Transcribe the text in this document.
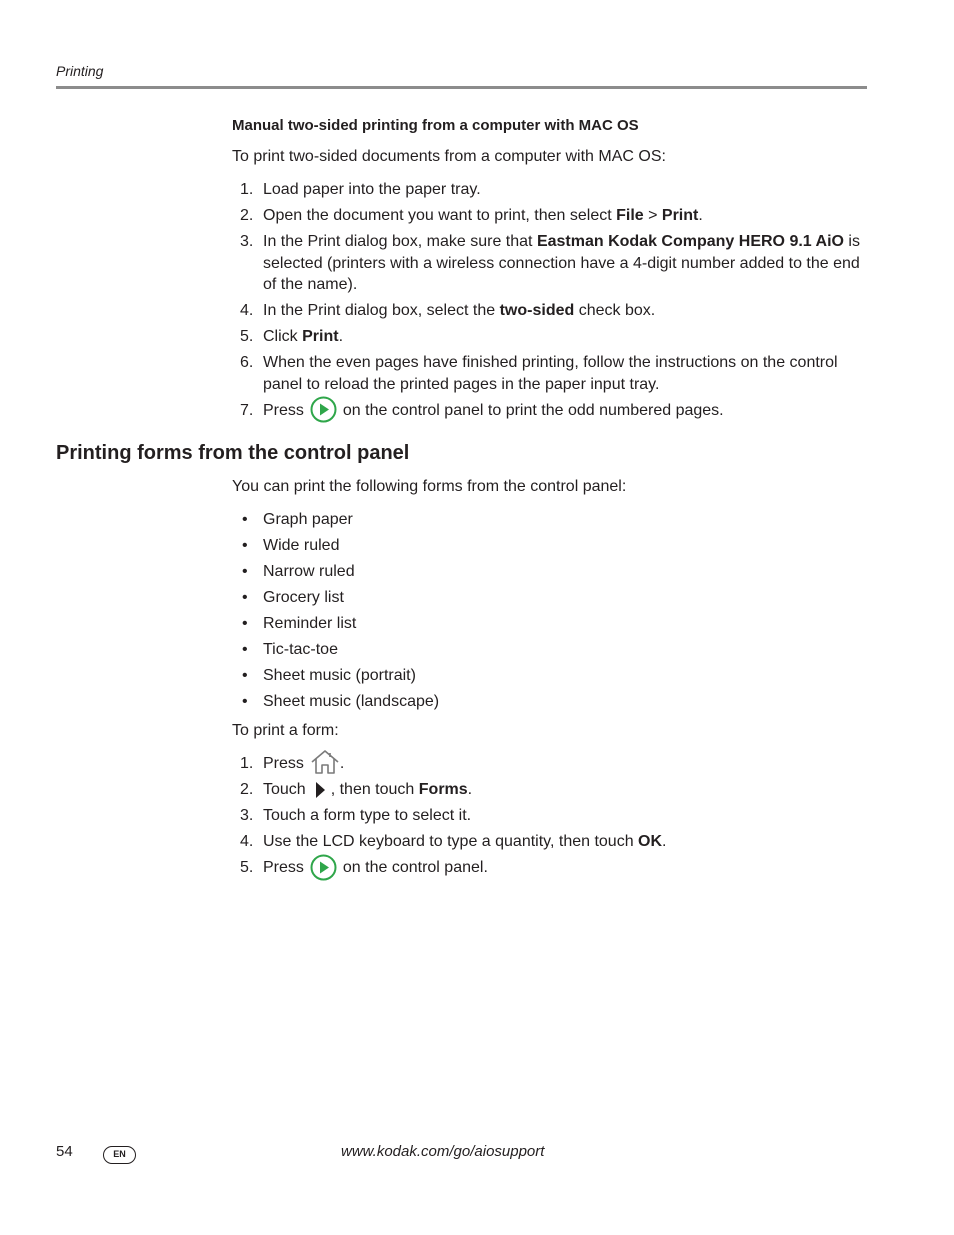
Printing
Manual two-sided printing from a computer with MAC OS
To print two-sided documents from a computer with MAC OS:
1. Load paper into the paper tray.
2. Open the document you want to print, then select File > Print.
3. In the Print dialog box, make sure that Eastman Kodak Company HERO 9.1 AiO is selected (printers with a wireless connection have a 4-digit number added to the end of the name).
4. In the Print dialog box, select the two-sided check box.
5. Click Print.
6. When the even pages have finished printing, follow the instructions on the control panel to reload the printed pages in the paper input tray.
7. Press on the control panel to print the odd numbered pages.
Printing forms from the control panel
You can print the following forms from the control panel:
• Graph paper
• Wide ruled
• Narrow ruled
• Grocery list
• Reminder list
• Tic-tac-toe
• Sheet music (portrait)
• Sheet music (landscape)
To print a form:
1. Press .
2. Touch , then touch Forms.
3. Touch a form type to select it.
4. Use the LCD keyboard to type a quantity, then touch OK.
5. Press on the control panel.
54	EN	www.kodak.com/go/aiosupport
